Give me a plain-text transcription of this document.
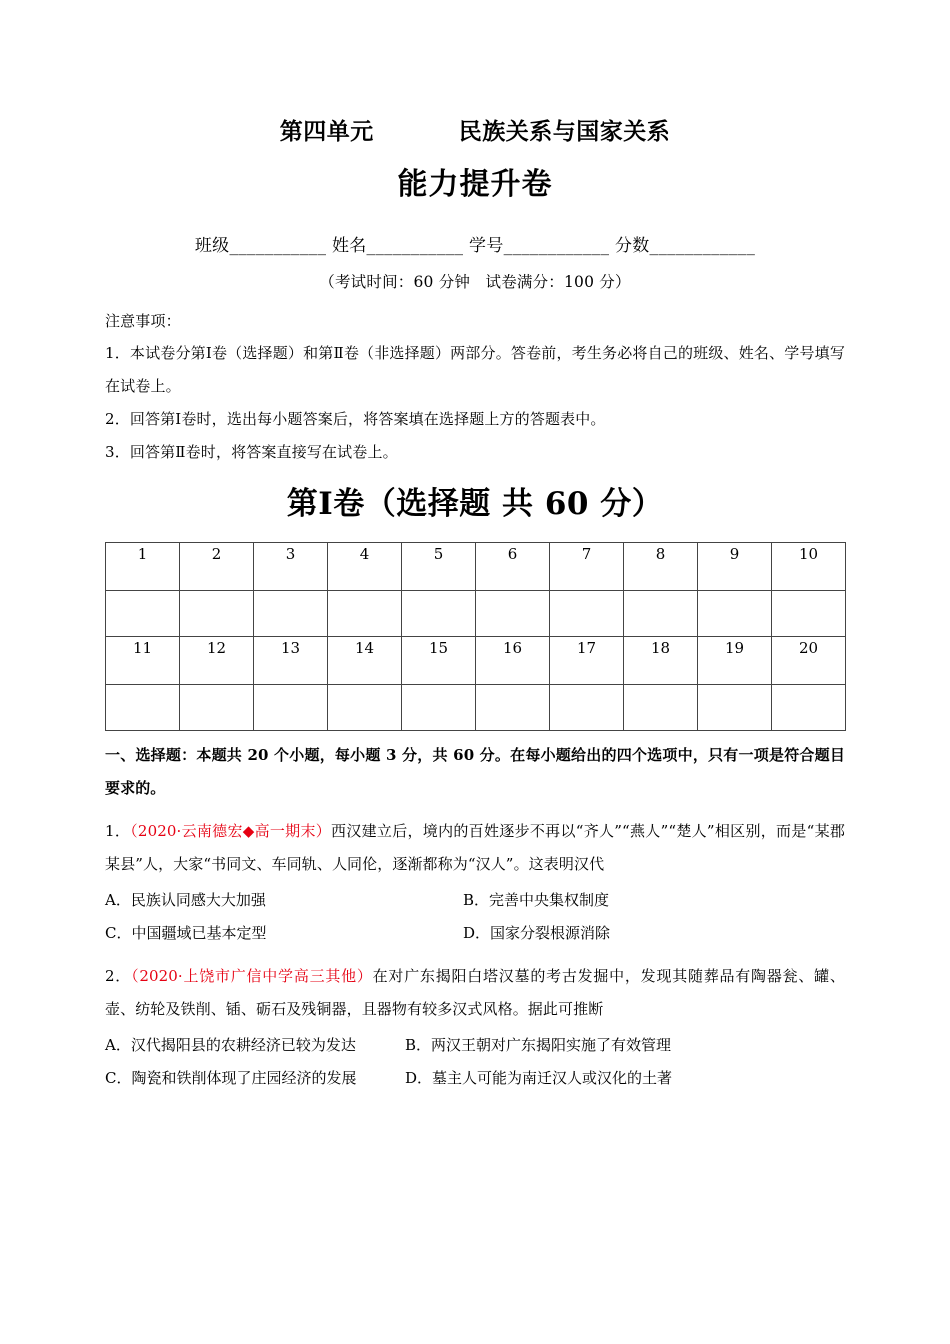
第四单元          民族关系与国家关系
能力提升卷

班级___________ 姓名___________ 学号____________ 分数____________

（考试时间：60 分钟   试卷满分：100 分）

注意事项：

1．本试卷分第Ⅰ卷（选择题）和第Ⅱ卷（非选择题）两部分。答卷前，考生务必将自己的班级、姓名、学号填写在试卷上。

2．回答第Ⅰ卷时，选出每小题答案后，将答案填在选择题上方的答题表中。

3．回答第Ⅱ卷时，将答案直接写在试卷上。

第Ⅰ卷（选择题 共 60 分）
1	2	3	4	5	6	7	8	9	10

11	12	13	14	15	16	17	18	19	20

一、选择题：本题共 20 个小题，每小题 3 分，共 60 分。在每小题给出的四个选项中，只有一项是符合题目要求的。

1．（2020·云南德宏◆高一期末）西汉建立后，境内的百姓逐步不再以“齐人”“燕人”“楚人”相区别，而是“某郡某县”人，大家“书同文、车同轨、人同伦，逐渐都称为“汉人”。这表明汉代

A．民族认同感大大加强	B．完善中央集权制度
C．中国疆域已基本定型	D．国家分裂根源消除

2．（2020·上饶市广信中学高三其他）在对广东揭阳白塔汉墓的考古发掘中，发现其随葬品有陶器瓮、罐、壶、纺轮及铁削、锸、砺石及残铜器，且器物有较多汉式风格。据此可推断

A．汉代揭阳县的农耕经济已较为发达	B．两汉王朝对广东揭阳实施了有效管理
C．陶瓷和铁削体现了庄园经济的发展	D．墓主人可能为南迁汉人或汉化的土著
